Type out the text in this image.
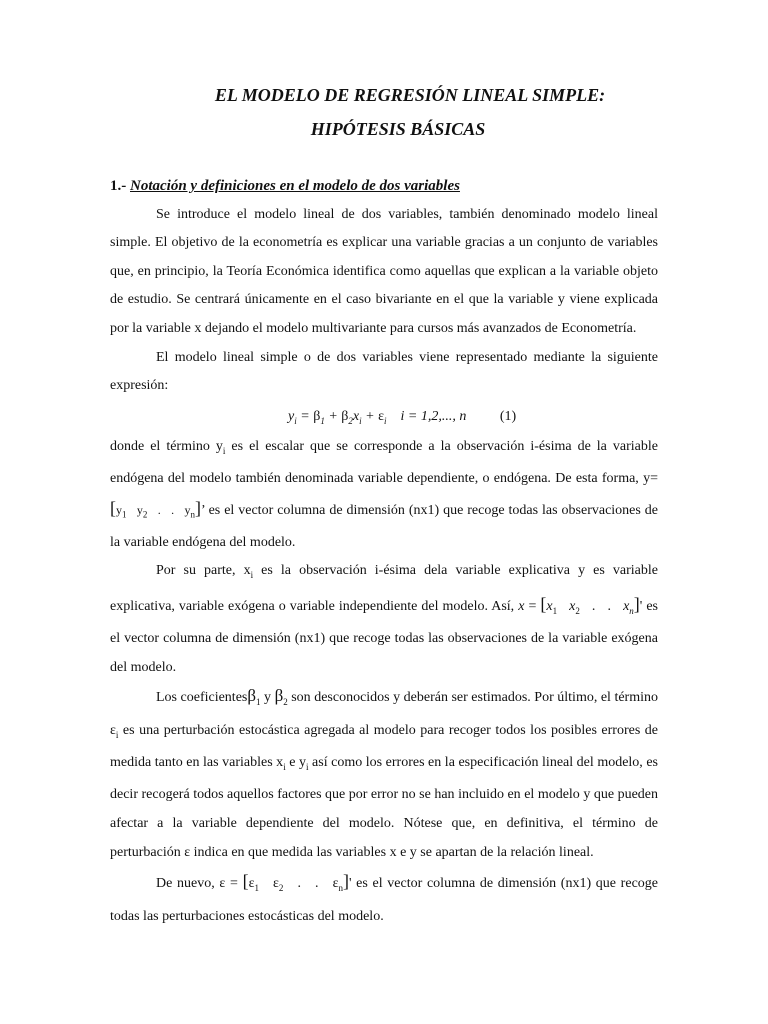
EL MODELO DE REGRESIÓN LINEAL SIMPLE:
HIPÓTESIS BÁSICAS

1.- Notación y definiciones en el modelo de dos variables

Se introduce el modelo lineal de dos variables, también denominado modelo lineal simple. El objetivo de la econometría es explicar una variable gracias a un conjunto de variables que, en principio, la Teoría Económica identifica como aquellas que explican a la variable objeto de estudio. Se centrará únicamente en el caso bivariante en el que la variable y viene explicada por la variable x dejando el modelo multivariante para cursos más avanzados de Econometría.

El modelo lineal simple o de dos variables viene representado mediante la siguiente expresión:

$y_i = \beta_1 + \beta_2x_i + \varepsilon_i$    i = 1,2,..., n (1)

donde el término $y_i$ es el escalar que se corresponde a la observación i-ésima de la variable endógena del modelo también denominada variable dependiente, o endógena. De esta forma, $y=[y_1$   $y_2$   .   .   $y_n$]’ es el vector columna de dimensión (nx1) que recoge todas las observaciones de la variable endógena del modelo.

Por su parte, $x_i$ es la observación i-ésima dela variable explicativa y es variable explicativa, variable exógena o variable independiente del modelo. Así, $x = [x_1$ $x_2$   .   .   $x_n]'$ es el vector columna de dimensión (nx1) que recoge todas las observaciones de la variable exógena del modelo.

Los coeficientesβ$_1$ y $\beta_2$ son desconocidos y deberán ser estimados. Por último, el término $\varepsilon_i$ es una perturbación estocástica agregada al modelo para recoger todos los posibles errores de medida tanto en las variables $x_i$ e $y_i$ así como los errores en la especificación lineal del modelo, es decir recogerá todos aquellos factores que por error no se han incluido en el modelo y que pueden afectar a la variable dependiente del modelo. Nótese que, en definitiva, el término de perturbación ε indica en que medida las variables x e y se apartan de la relación lineal.

De nuevo, $\varepsilon = [\varepsilon_1$   $\varepsilon_2$   .   .   $\varepsilon_n]'$ es el vector columna de dimensión (nx1) que recoge todas las perturbaciones estocásticas del modelo.
